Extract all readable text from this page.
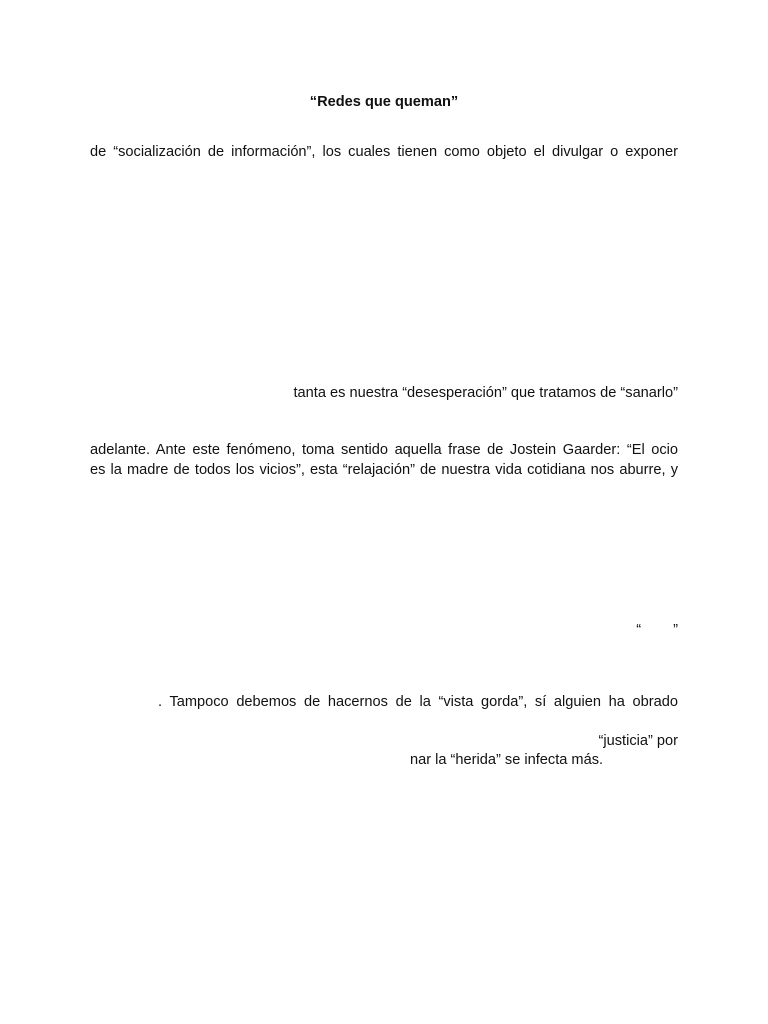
“Redes que queman”
de “socialización de información”, los cuales tienen como objeto el divulgar o exponer
tanta es nuestra “desesperación” que tratamos de “sanarlo”
adelante. Ante este fenómeno, toma sentido aquella frase de Jostein Gaarder: “El ocio
es la madre de todos los vicios”, esta “relajación” de nuestra vida cotidiana nos aburre, y
“ ”
. Tampoco debemos de hacernos de la “vista gorda”, sí alguien ha obrado
“justicia” por
nar la “herida” se infecta más.
